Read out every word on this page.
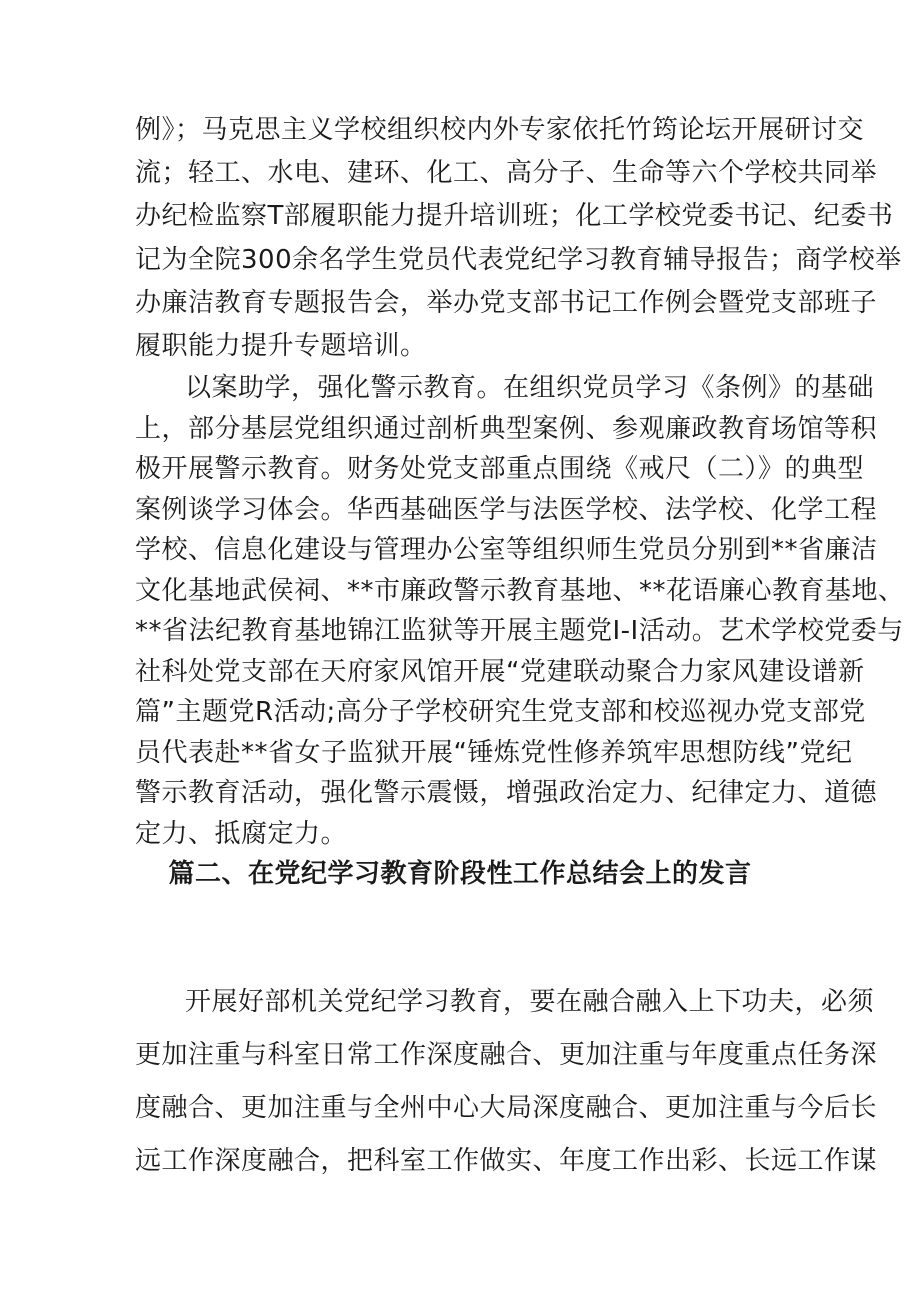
例》；马克思主义学校组织校内外专家依托竹筠论坛开展研讨交
流；轻工、水电、建环、化工、高分子、生命等六个学校共同举
办纪检监察T部履职能力提升培训班；化工学校党委书记、纪委书
记为全院300余名学生党员代表党纪学习教育辅导报告；商学校举
办廉洁教育专题报告会，举办党支部书记工作例会暨党支部班子
履职能力提升专题培训。
以案助学，强化警示教育。在组织党员学习《条例》的基础
上，部分基层党组织通过剖析典型案例、参观廉政教育场馆等积
极开展警示教育。财务处党支部重点围绕《戒尺（二）》的典型
案例谈学习体会。华西基础医学与法医学校、法学校、化学工程
学校、信息化建设与管理办公室等组织师生党员分别到**省廉洁
文化基地武侯祠、**市廉政警示教育基地、**花语廉心教育基地、
**省法纪教育基地锦江监狱等开展主题党I-I活动。艺术学校党委与
社科处党支部在天府家风馆开展“党建联动聚合力家风建设谱新
篇”主题党R活动;高分子学校研究生党支部和校巡视办党支部党
员代表赴**省女子监狱开展“锤炼党性修养筑牢思想防线”党纪
警示教育活动，强化警示震慑，增强政治定力、纪律定力、道德
定力、抵腐定力。
篇二、在党纪学习教育阶段性工作总结会上的发言
开展好部机关党纪学习教育，要在融合融入上下功夫，必须
更加注重与科室日常工作深度融合、更加注重与年度重点任务深
度融合、更加注重与全州中心大局深度融合、更加注重与今后长
远工作深度融合，把科室工作做实、年度工作出彩、长远工作谋
